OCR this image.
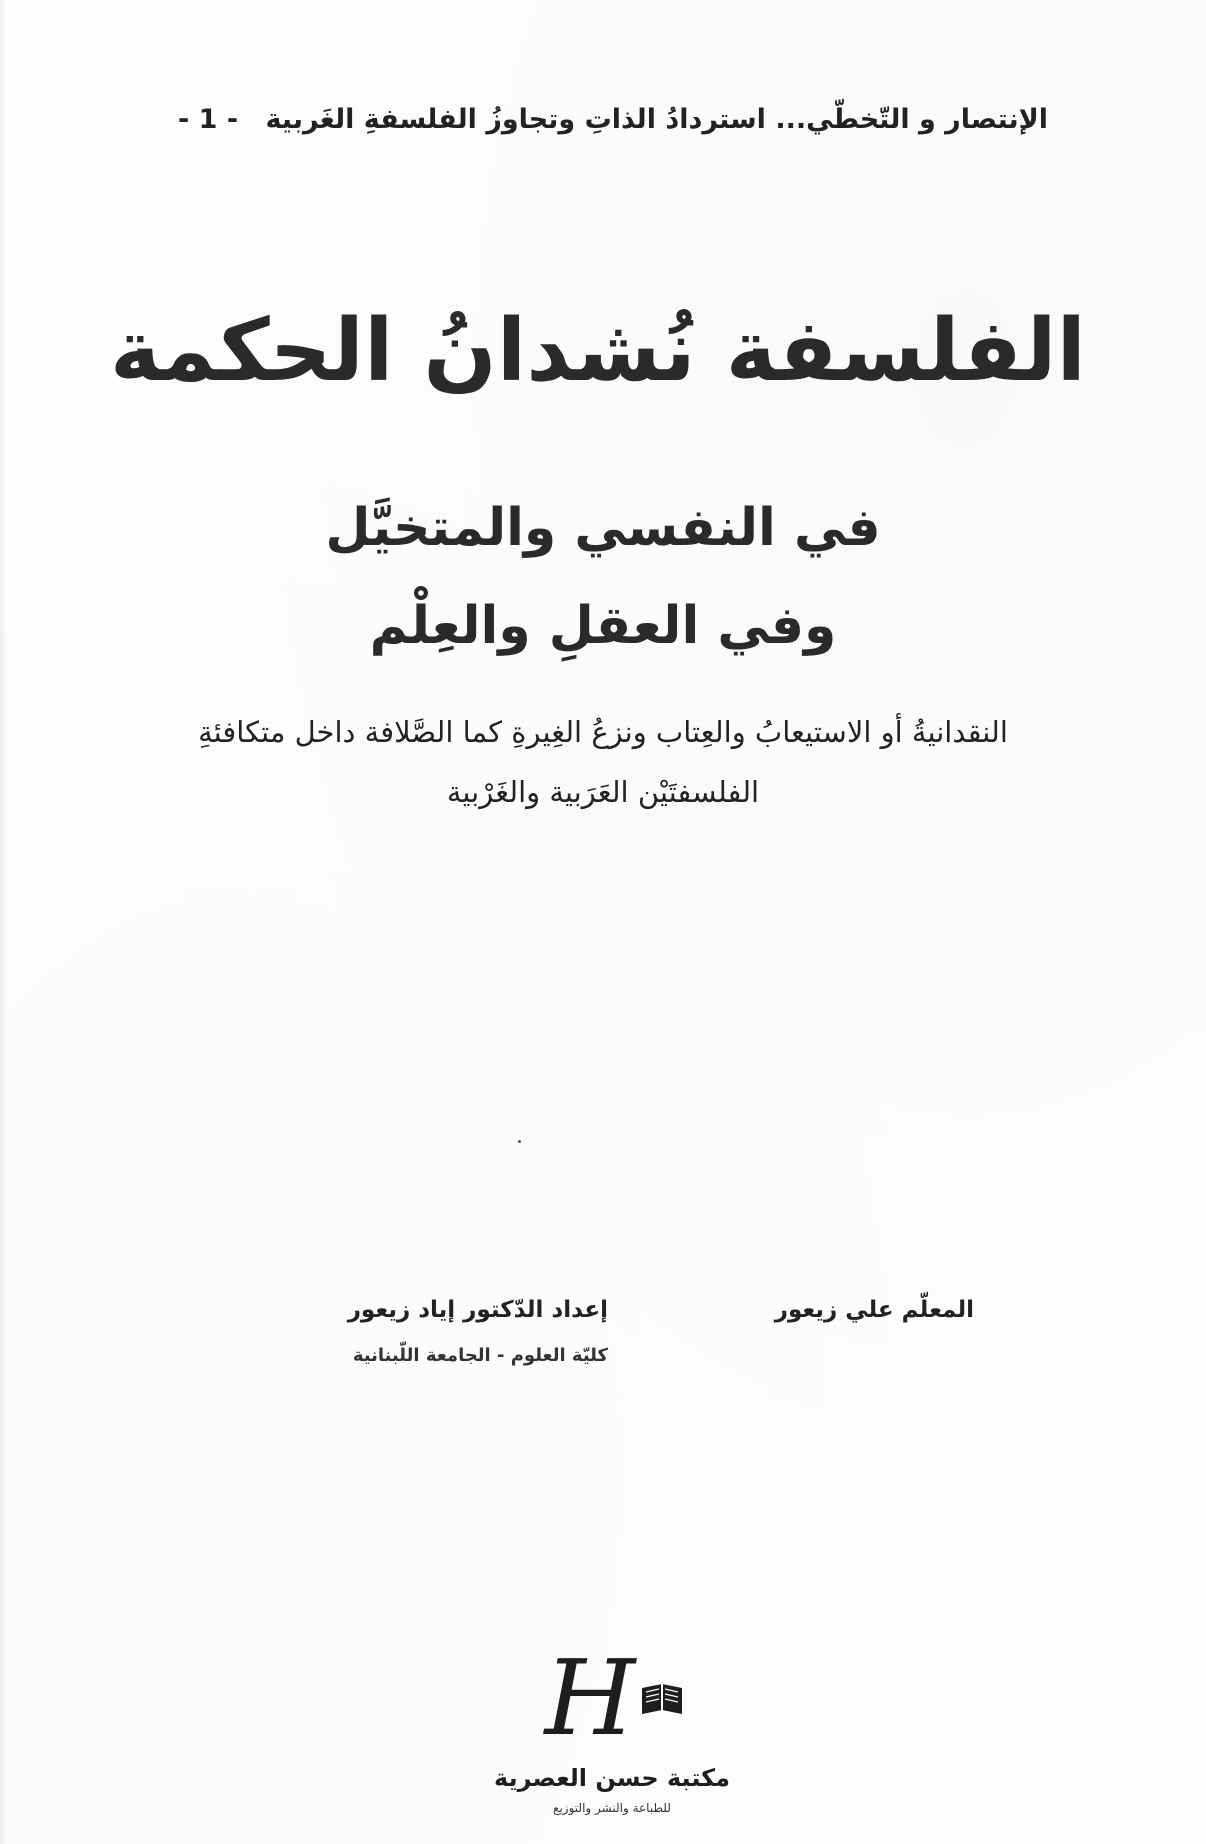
الإنتصار و التّخطّي... استردادُ الذاتِ وتجاوزُ الفلسفةِ الغَربية - 1 -
الفلسفة نُشدانُ الحكمة
في النفسي والمتخيَّل
وفي العقلِ والعِلْم
النقدانيةُ أو الاستيعابُ والعِتاب ونزعُ الغِيرةِ كما الصَّلافة داخل متكافئةِ
الفلسفتَيْن العَرَبية والغَرْبية
المعلّم علي زيعور
إعداد الدّكتور إياد زيعور
كليّة العلوم - الجامعة اللّبنانية
H
مكتبة حسن العصرية
للطباعة والنشر والتوزيع
